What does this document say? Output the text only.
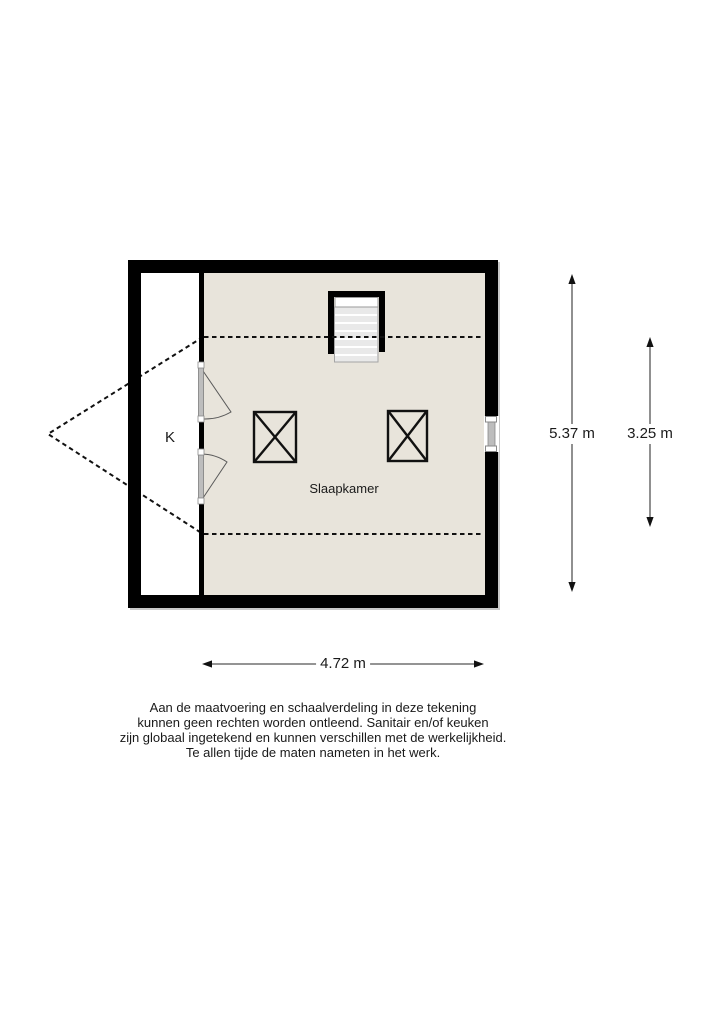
K
Slaapkamer
5.37 m 3.25 m
4.72 m
Aan de maatvoering en schaalverdeling in deze tekening
kunnen geen rechten worden ontleend. Sanitair en/of keuken
zijn globaal ingetekend en kunnen verschillen met de werkelijkheid.
Te allen tijde de maten nameten in het werk.
